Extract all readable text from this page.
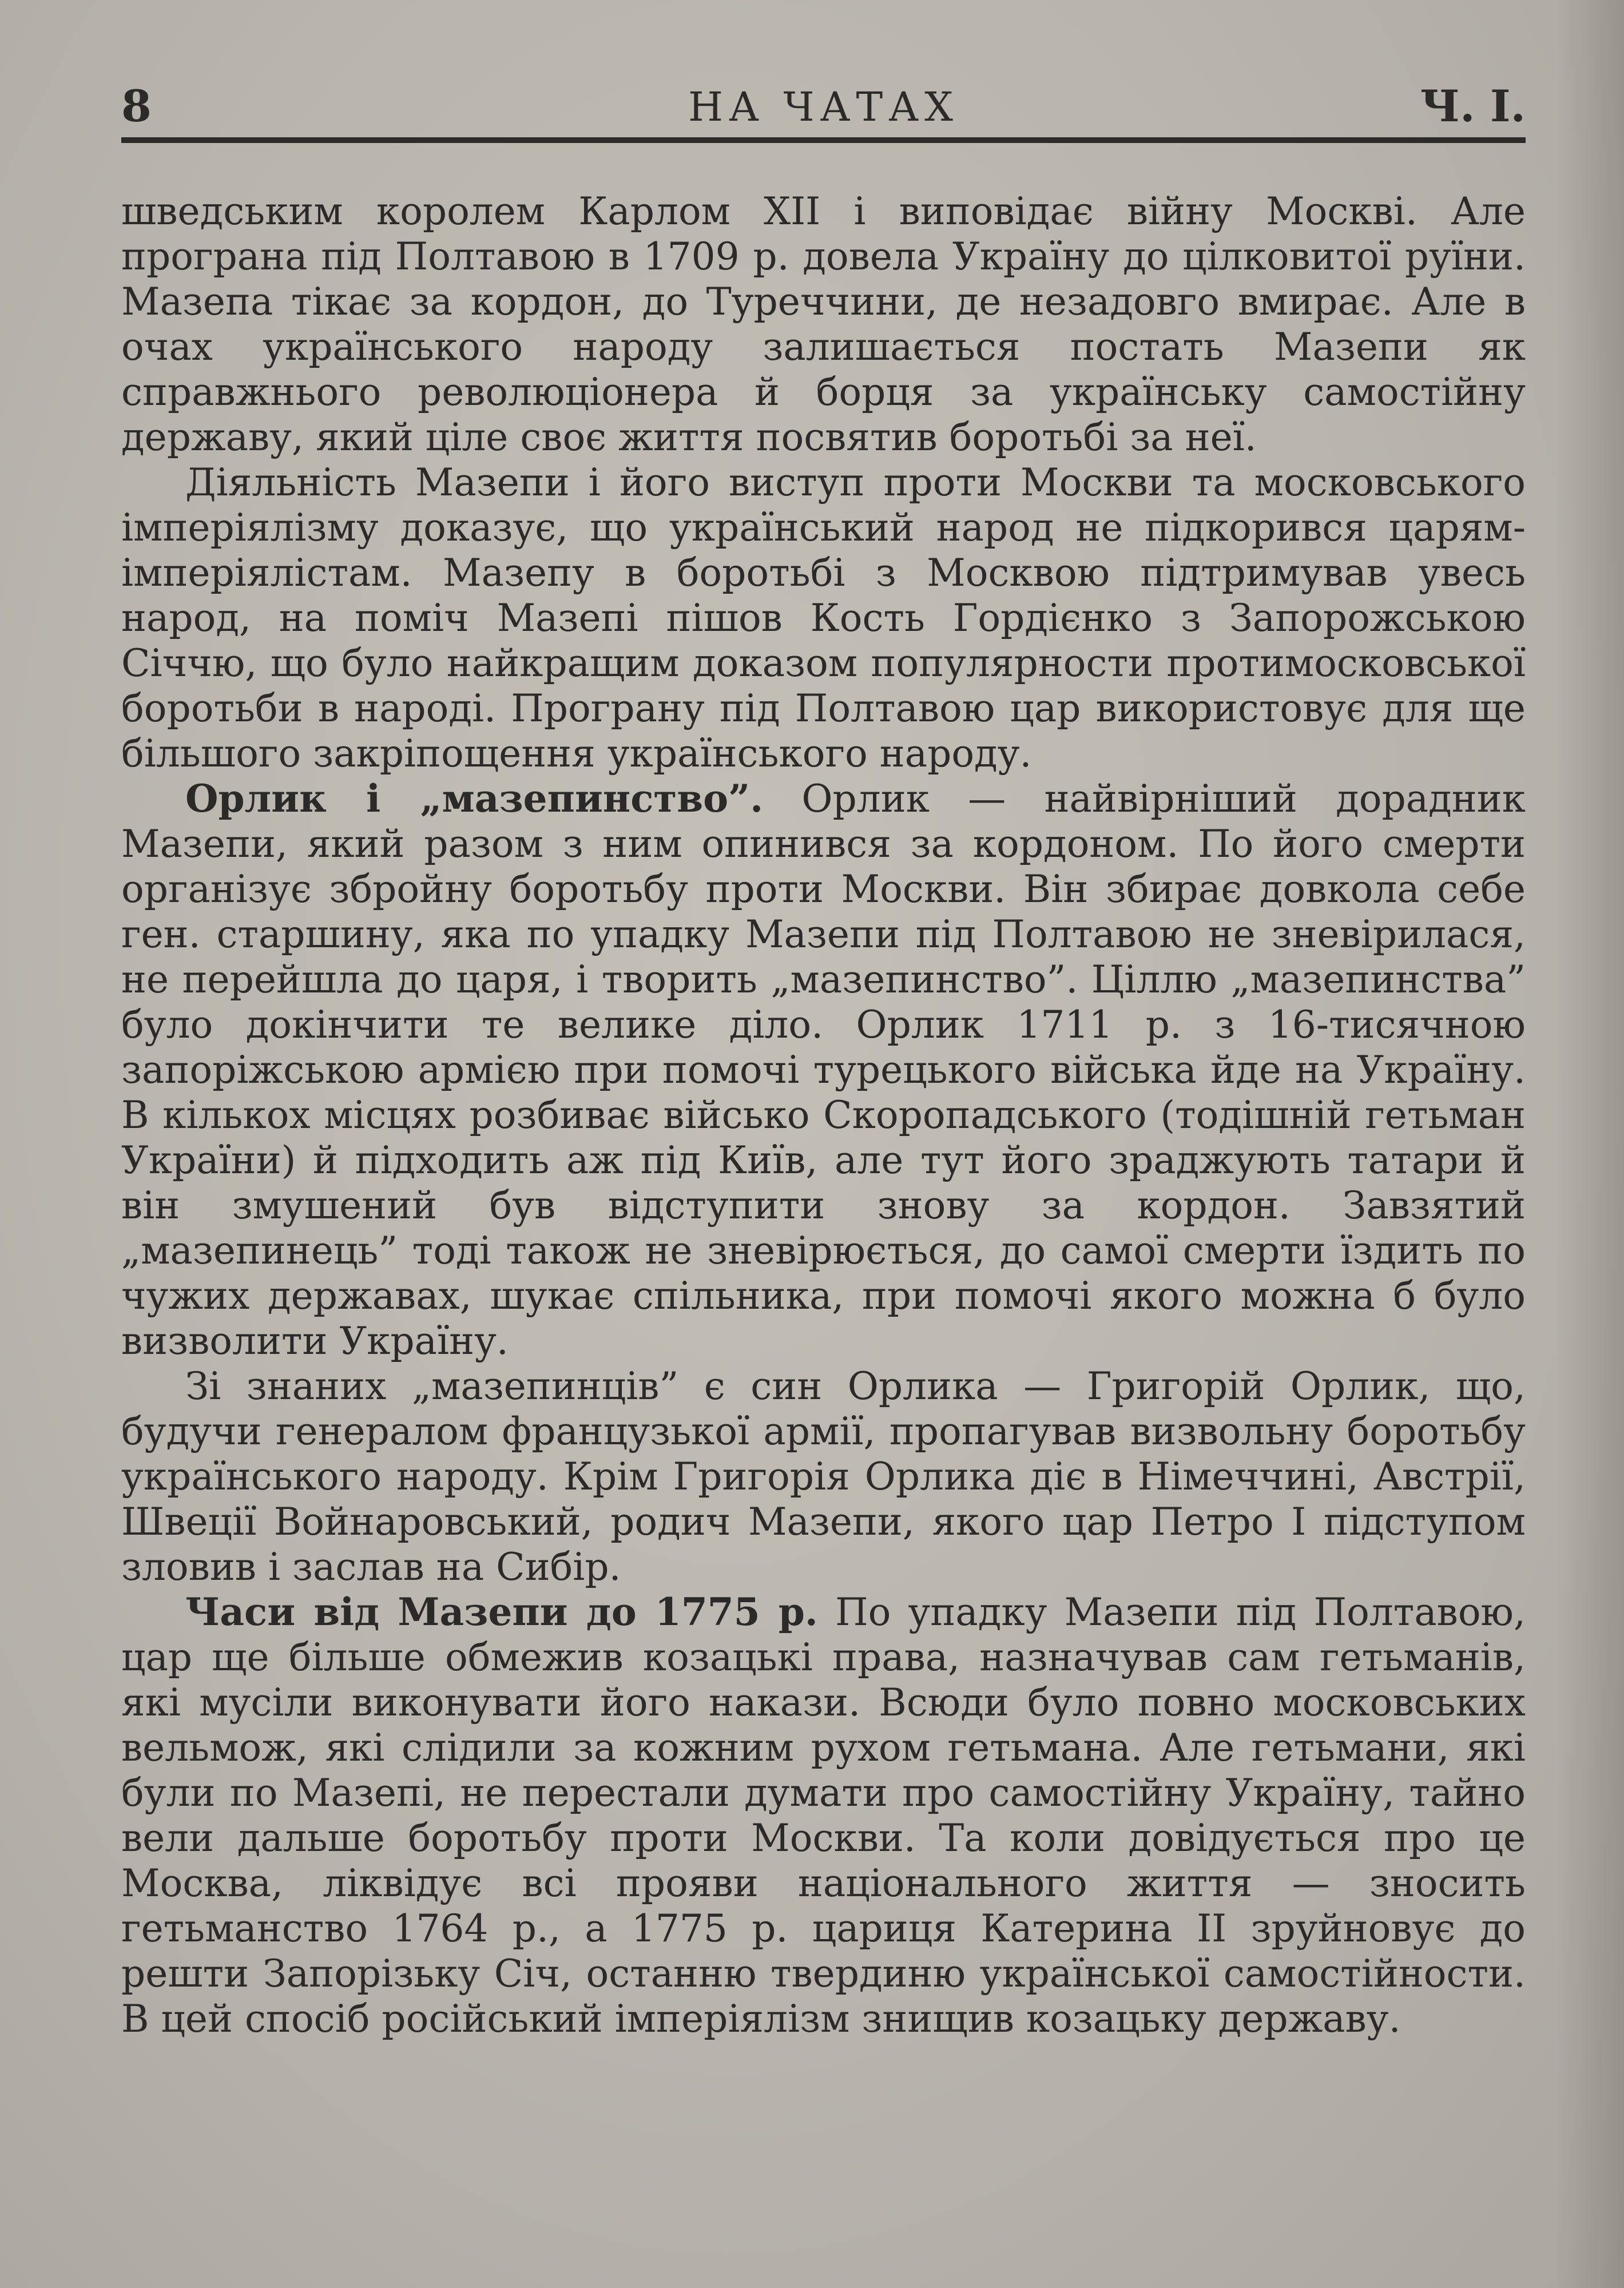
8	НА ЧАТАХ	Ч. І.

шведським королем Карлом XII і виповідає війну Москві. Але програна під Полтавою в 1709 р. довела Україну до цілковитої руїни. Мазепа тікає за кордон, до Туреччини, де незадовго вмирає. Але в очах українського народу залишається постать Мазепи як справжнього революціонера й борця за українську самостійну державу, який ціле своє життя посвятив боротьбі за неї.

Діяльність Мазепи і його виступ проти Москви та московського імперіялізму доказує, що український народ не підкорився царям-імперіялістам. Мазепу в боротьбі з Москвою підтримував увесь народ, на поміч Мазепі пішов Кость Гордієнко з Запорожською Січчю, що було найкращим доказом популярности протимосковської боротьби в народі. Програну під Полтавою цар використовує для ще більшого закріпощення українського народу.

Орлик і „мазепинство”. Орлик — найвірніший дорадник Мазепи, який разом з ним опинився за кордоном. По його смерти організує збройну боротьбу проти Москви. Він збирає довкола себе ген. старшину, яка по упадку Мазепи під Полтавою не зневірилася, не перейшла до царя, і творить „мазепинство”. Ціллю „мазепинства” було докінчити те велике діло. Орлик 1711 р. з 16-тисячною запоріжською армією при помочі турецького війська йде на Україну. В кількох місцях розбиває військо Скоропадського (тодішній гетьман України) й підходить аж під Київ, але тут його зраджують татари й він змушений був відступити знову за кордон. Завзятий „мазепинець” тоді також не зневірюється, до самої смерти їздить по чужих державах, шукає спільника, при помочі якого можна б було визволити Україну.

Зі знаних „мазепинців” є син Орлика — Григорій Орлик, що, будучи генералом французької армії, пропагував визвольну боротьбу українського народу. Крім Григорія Орлика діє в Німеччині, Австрії, Швеції Войнаровський, родич Мазепи, якого цар Петро I підступом зловив і заслав на Сибір.

Часи від Мазепи до 1775 р. По упадку Мазепи під Полтавою, цар ще більше обмежив козацькі права, назначував сам гетьманів, які мусіли виконувати його накази. Всюди було повно московських вельмож, які слідили за кожним рухом гетьмана. Але гетьмани, які були по Мазепі, не перестали думати про самостійну Україну, тайно вели дальше боротьбу проти Москви. Та коли довідується про це Москва, ліквідує всі прояви національного життя — зносить гетьманство 1764 р., а 1775 р. цариця Катерина II зруйновує до решти Запорізьку Січ, останню твердиню української самостійности. В цей спосіб російський імперіялізм знищив козацьку державу.
